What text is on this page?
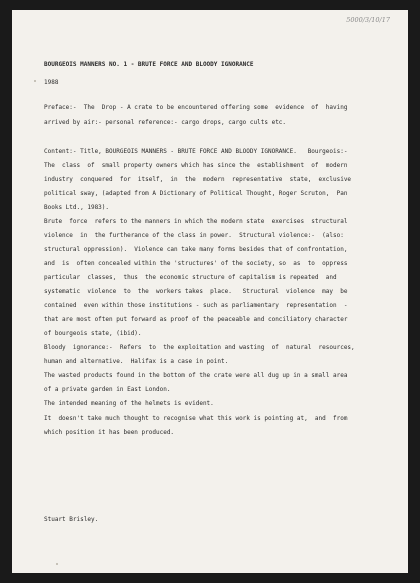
5000/3/10/17
BOURGEOIS MANNERS NO. 1 - BRUTE FORCE AND BLOODY IGNORANCE
1988
Preface:-  The  Drop - A crate to be encountered offering some  evidence  of  having
arrived by air:- personal reference:- cargo drops, cargo cults etc.
Content:- Title, BOURGEOIS MANNERS - BRUTE FORCE AND BLOODY IGNORANCE.   Bourgeois:-
The  class  of  small property owners which has since the  establishment  of  modern
industry  conquered  for  itself,  in  the  modern  representative  state,  exclusive
political sway, (adapted from A Dictionary of Political Thought, Roger Scruton,  Pan
Books Ltd., 1983).
Brute  force  refers to the manners in which the modern state  exercises  structural
violence  in  the furtherance of the class in power.  Structural violence:-  (also:
structural oppression).  Violence can take many forms besides that of confrontation,
and  is  often concealed within the 'structures' of the society, so  as  to  oppress
particular  classes,  thus  the economic structure of capitalism is repeated  and
systematic  violence  to  the  workers takes  place.   Structural  violence  may  be
contained  even within those institutions - such as parliamentary  representation  -
that are most often put forward as proof of the peaceable and conciliatory character
of bourgeois state, (ibid).
Bloody  ignorance:-  Refers  to  the exploitation and wasting  of  natural  resources,
human and alternative.  Halifax is a case in point.
The wasted products found in the bottom of the crate were all dug up in a small area
of a private garden in East London.
The intended meaning of the helmets is evident.
It  doesn't take much thought to recognise what this work is pointing at,  and  from
which position it has been produced.
Stuart Brisley.
